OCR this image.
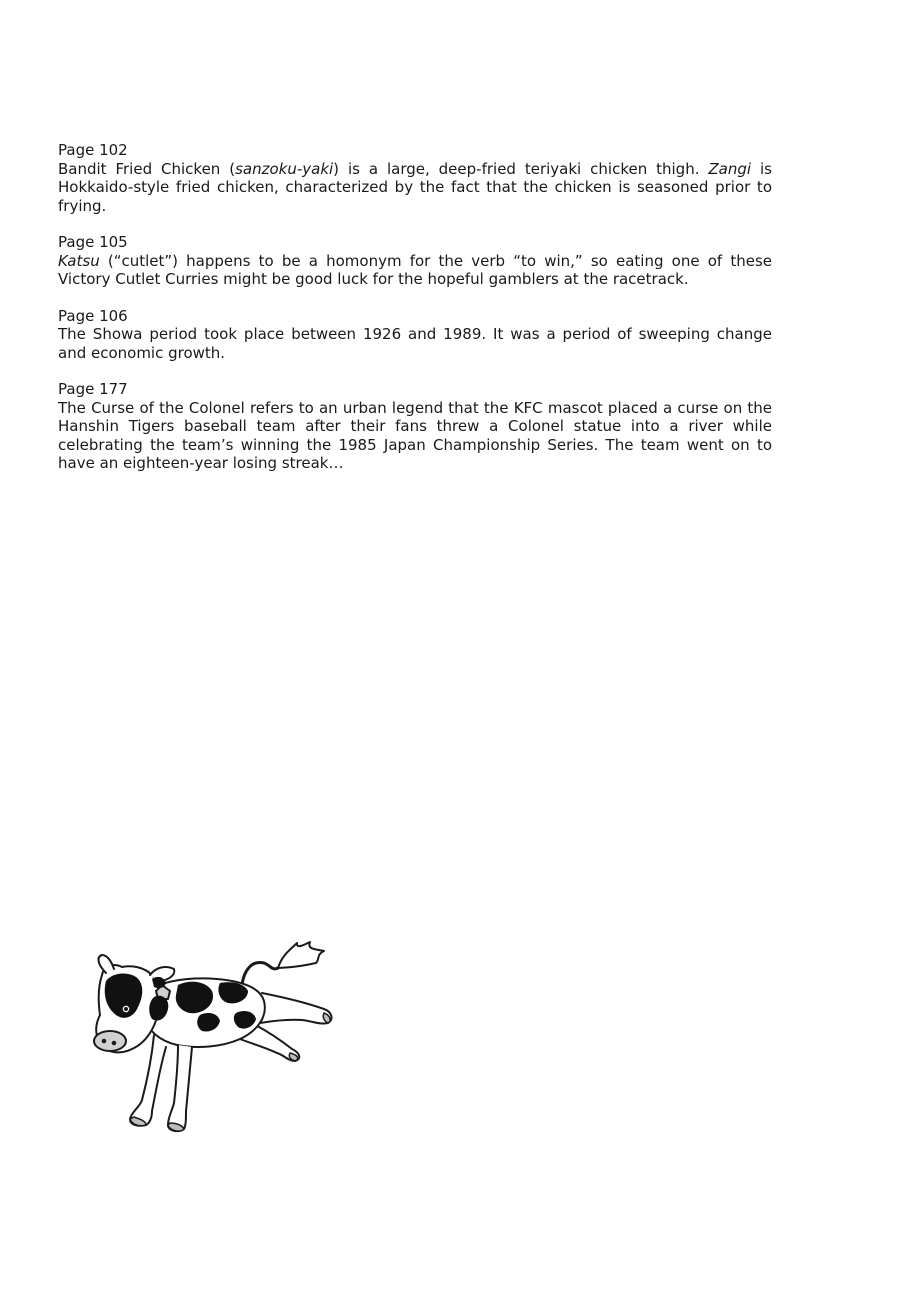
Page 102

Bandit Fried Chicken (sanzoku-yaki) is a large, deep-fried teriyaki chicken thigh. Zangi is Hokkaido-style fried chicken, characterized by the fact that the chicken is seasoned prior to frying.

Page 105

Katsu (“cutlet”) happens to be a homonym for the verb “to win,” so eating one of these Victory Cutlet Curries might be good luck for the hopeful gamblers at the racetrack.

Page 106

The Showa period took place between 1926 and 1989. It was a period of sweeping change and economic growth.

Page 177

The Curse of the Colonel refers to an urban legend that the KFC mascot placed a curse on the Hanshin Tigers baseball team after their fans threw a Colonel statue into a river while celebrating the team’s winning the 1985 Japan Championship Series. The team went on to have an eighteen-year losing streak…
